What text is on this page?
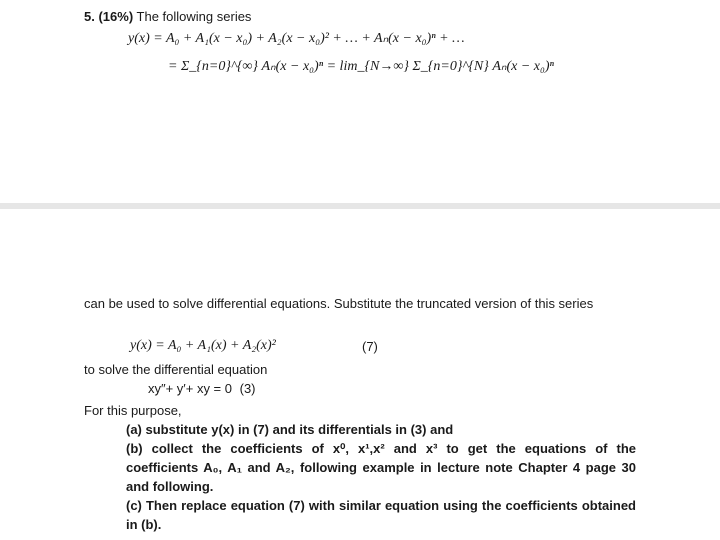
5. (16%) The following series
y(x) = A₀ + A₁(x − x₀) + A₂(x − x₀)² + … + Aₙ(x − x₀)ⁿ + …
= Σ_{n=0}^{∞} Aₙ(x − x₀)ⁿ = lim_{N→∞} Σ_{n=0}^{N} Aₙ(x − x₀)ⁿ
can be used to solve differential equations. Substitute the truncated version of this series
y(x) = A₀ + A₁(x) + A₂(x)²	(7)
to solve the differential equation
xy″+ y′+ xy = 0 (3)
For this purpose,
(a) substitute y(x) in (7) and its differentials in (3) and
(b) collect the coefficients of x⁰, x¹,x² and x³ to get the equations of the coefficients A₀, A₁ and A₂, following example in lecture note Chapter 4 page 30 and following.
(c) Then replace equation (7) with similar equation using the coefficients obtained in (b).
